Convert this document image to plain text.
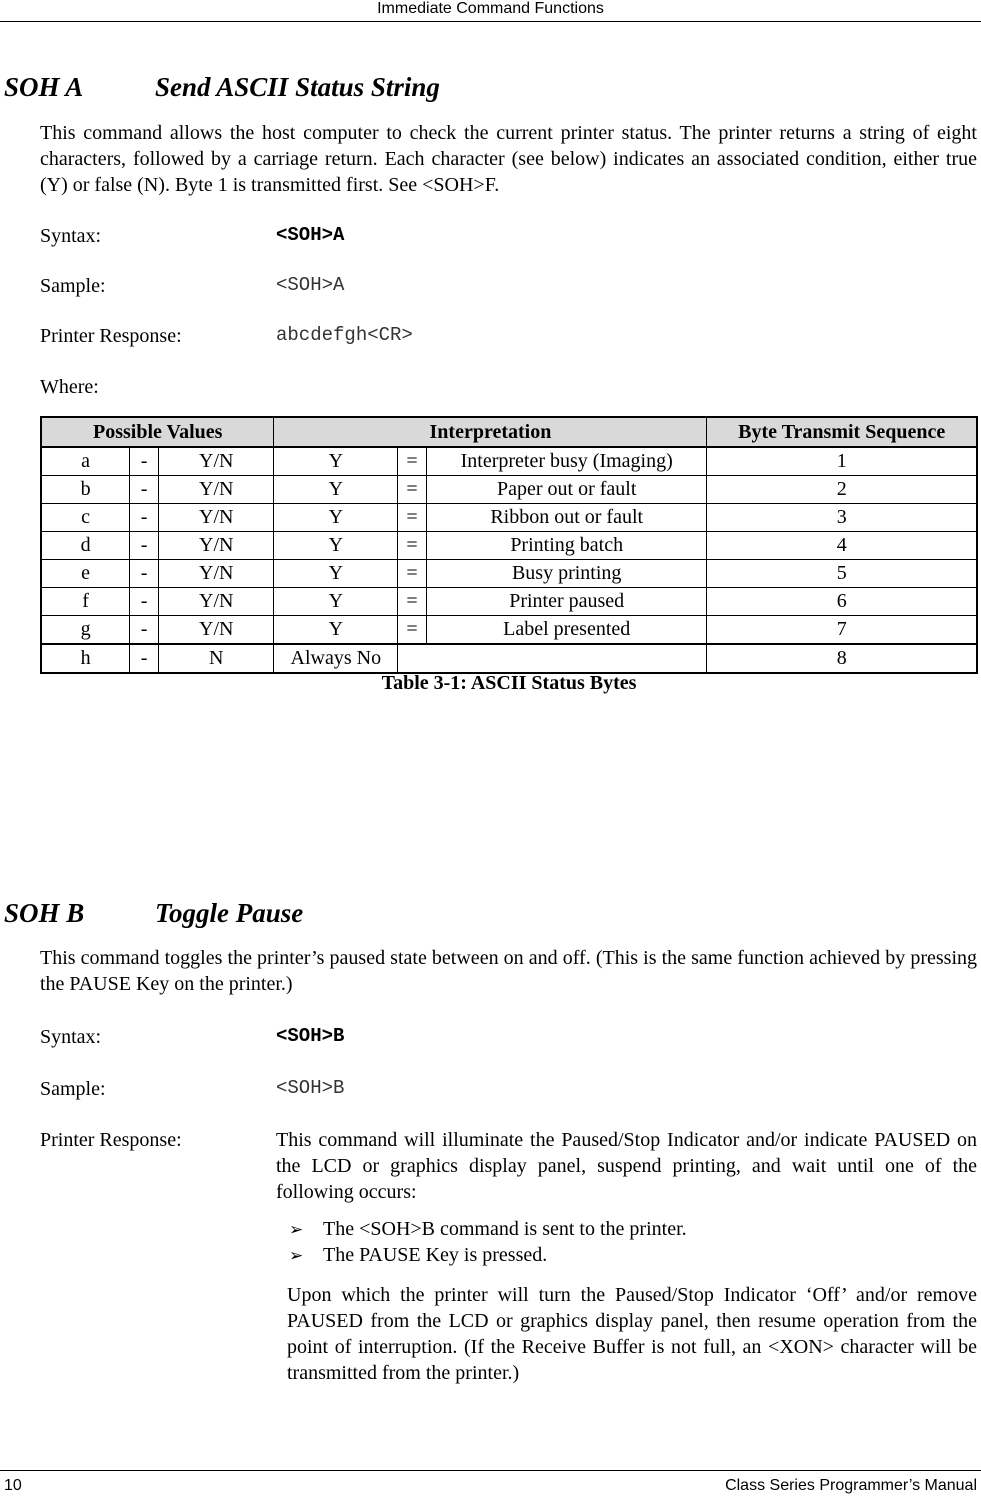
Immediate Command Functions
SOH A	Send ASCII Status String
This command allows the host computer to check the current printer status. The printer returns a string of eight characters, followed by a carriage return. Each character (see below) indicates an associated condition, either true (Y) or false (N). Byte 1 is transmitted first. See <SOH>F.
Syntax:	<SOH>A
Sample:	<SOH>A
Printer Response:	abcdefgh<CR>
Where:
Possible Values			Interpretation			Byte Transmit Sequence
a	-	Y/N	Y	=	Interpreter busy (Imaging)	1
b	-	Y/N	Y	=	Paper out or fault	2
c	-	Y/N	Y	=	Ribbon out or fault	3
d	-	Y/N	Y	=	Printing batch	4
e	-	Y/N	Y	=	Busy printing	5
f	-	Y/N	Y	=	Printer paused	6
g	-	Y/N	Y	=	Label presented	7
h	-	N	Always No			8
Table 3-1: ASCII Status Bytes
SOH B	Toggle Pause
This command toggles the printer’s paused state between on and off. (This is the same function achieved by pressing the PAUSE Key on the printer.)
Syntax:	<SOH>B
Sample:	<SOH>B
Printer Response:	This command will illuminate the Paused/Stop Indicator and/or indicate PAUSED on the LCD or graphics display panel, suspend printing, and wait until one of the following occurs:
➢ The <SOH>B command is sent to the printer.
➢ The PAUSE Key is pressed.
Upon which the printer will turn the Paused/Stop Indicator ‘Off’ and/or remove PAUSED from the LCD or graphics display panel, then resume operation from the point of interruption. (If the Receive Buffer is not full, an <XON> character will be transmitted from the printer.)
10	Class Series Programmer’s Manual
